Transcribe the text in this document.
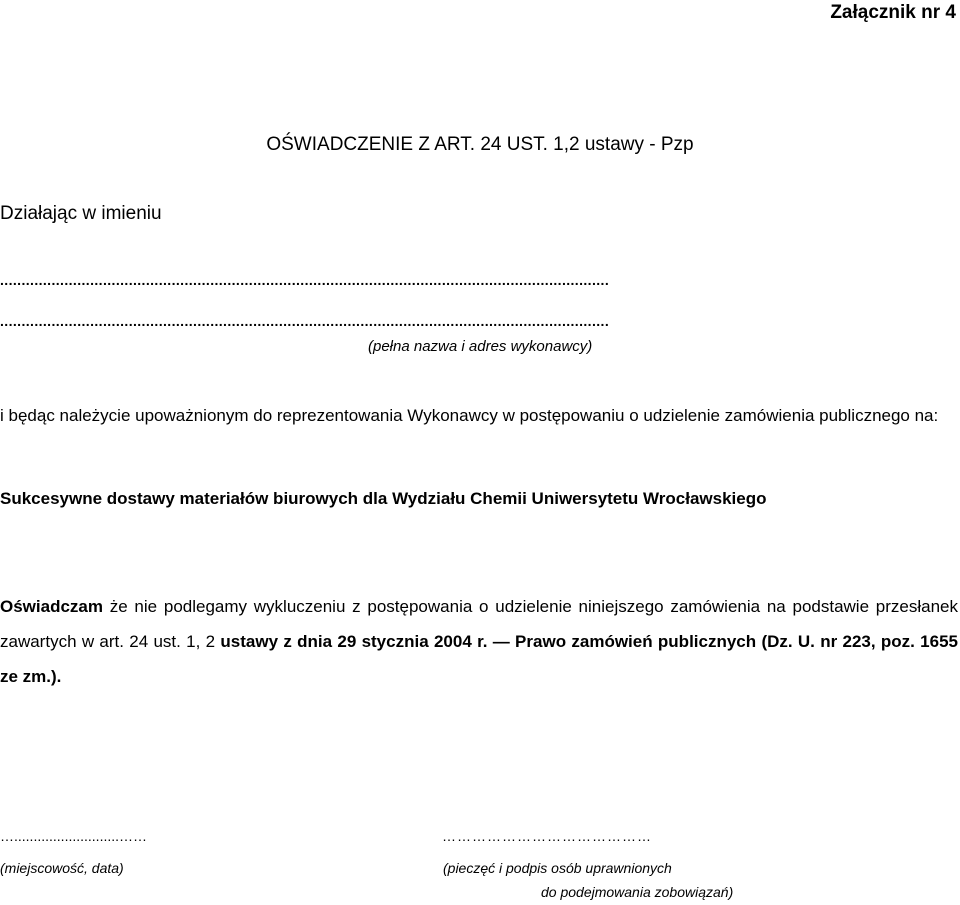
Załącznik nr 4
OŚWIADCZENIE Z ART. 24 UST. 1,2 ustawy - Pzp
Działając w imieniu
..............................................................................................................................................
..............................................................................................................................................
(pełna nazwa i adres wykonawcy)
i będąc należycie upoważnionym do reprezentowania Wykonawcy w postępowaniu o udzielenie zamówienia publicznego na:
Sukcesywne dostawy materiałów biurowych dla Wydziału Chemii Uniwersytetu Wrocławskiego
Oświadczam że nie podlegamy wykluczeniu z postępowania o udzielenie niniejszego zamówienia na podstawie przesłanek zawartych w art. 24 ust. 1, 2 ustawy z dnia 29 stycznia 2004 r. — Prawo zamówień publicznych (Dz. U. nr 223, poz. 1655 ze zm.).
…...........................……	……………………………………
(miejscowość, data)	(pieczęć i podpis osób uprawnionych
do podejmowania zobowiązań)
